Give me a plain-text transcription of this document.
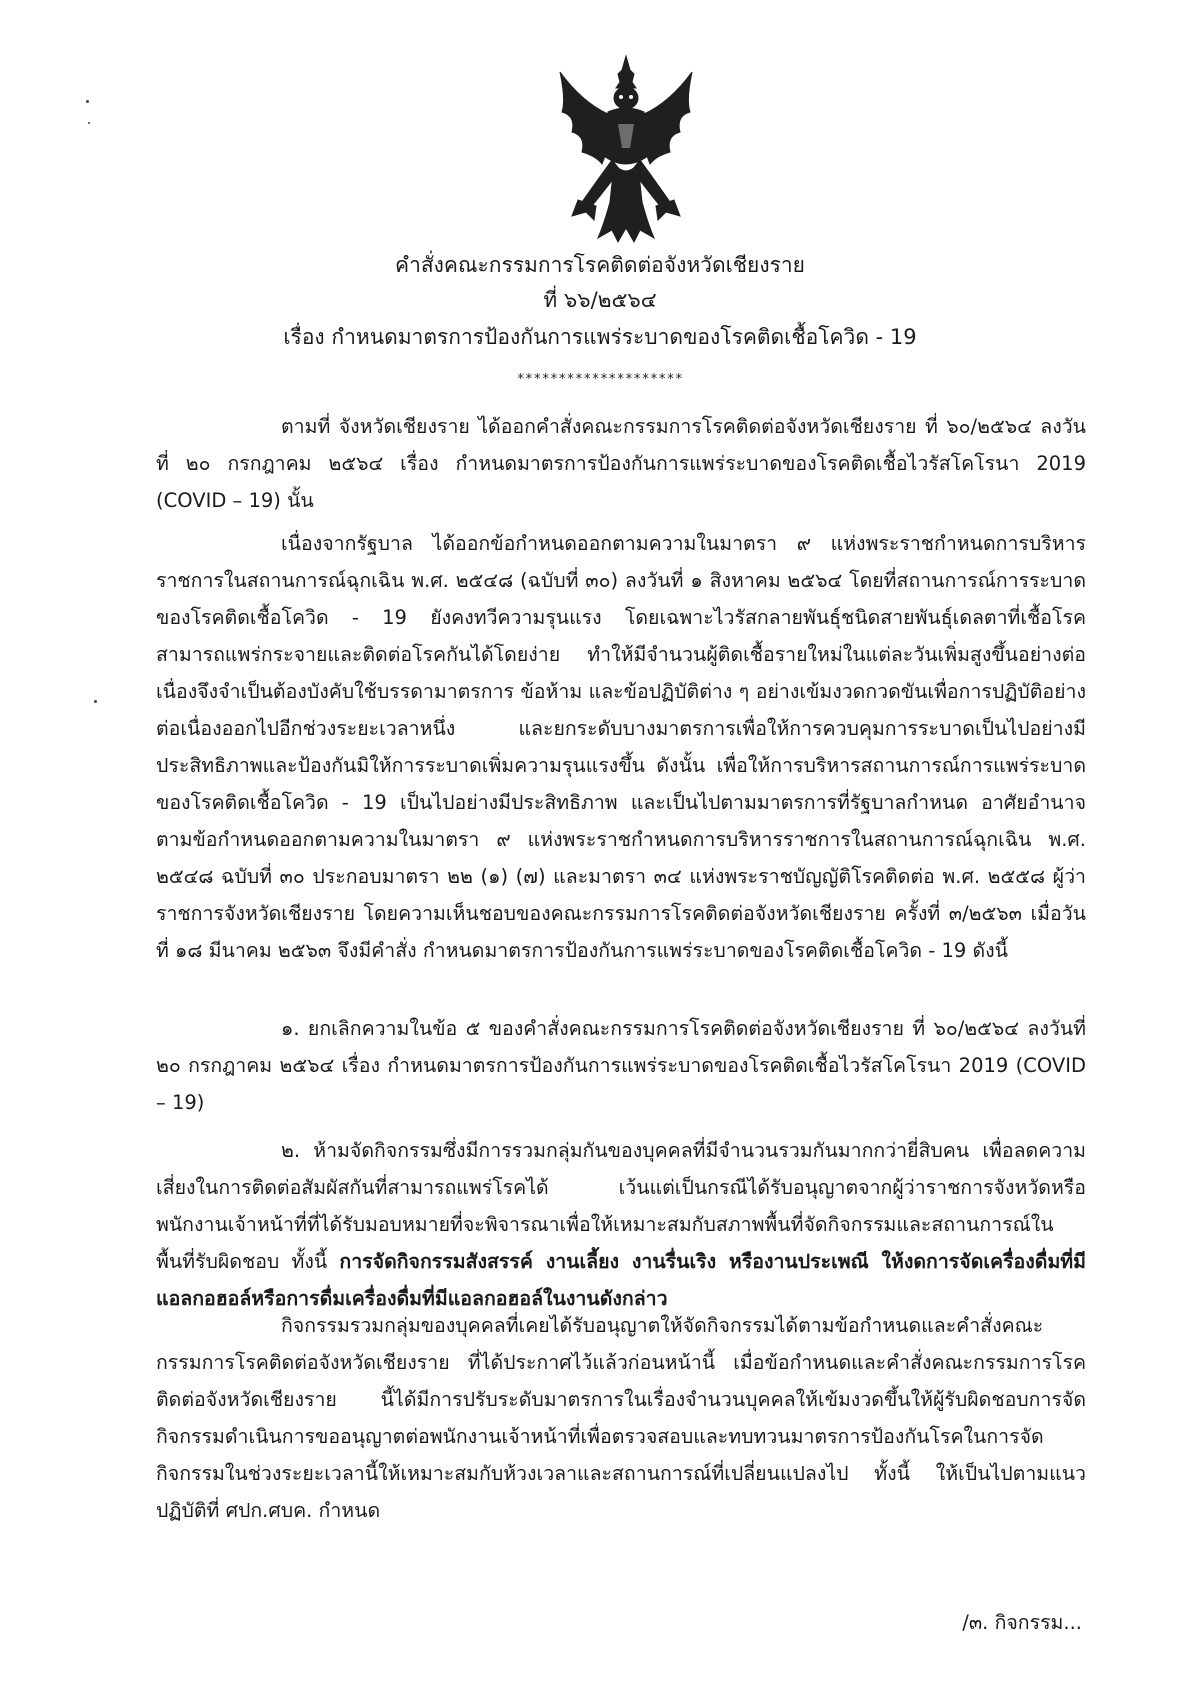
คำสั่งคณะกรรมการโรคติดต่อจังหวัดเชียงราย
ที่ ๖๖/๒๕๖๔
เรื่อง กำหนดมาตรการป้องกันการแพร่ระบาดของโรคติดเชื้อโควิด - 19
********************

ตามที่ จังหวัดเชียงราย ได้ออกคำสั่งคณะกรรมการโรคติดต่อจังหวัดเชียงราย ที่ ๖๐/๒๕๖๔ ลงวันที่ ๒๐ กรกฎาคม ๒๕๖๔ เรื่อง กำหนดมาตรการป้องกันการแพร่ระบาดของโรคติดเชื้อไวรัสโคโรนา 2019 (COVID – 19) นั้น

เนื่องจากรัฐบาล ได้ออกข้อกำหนดออกตามความในมาตรา ๙ แห่งพระราชกำหนดการบริหารราชการในสถานการณ์ฉุกเฉิน พ.ศ. ๒๕๔๘ (ฉบับที่ ๓๐) ลงวันที่ ๑ สิงหาคม ๒๕๖๔ โดยที่สถานการณ์การระบาดของโรคติดเชื้อโควิด - 19 ยังคงทวีความรุนแรง โดยเฉพาะไวรัสกลายพันธุ์ชนิดสายพันธุ์เดลตาที่เชื้อโรคสามารถแพร่กระจายและติดต่อโรคกันได้โดยง่าย ทำให้มีจำนวนผู้ติดเชื้อรายใหม่ในแต่ละวันเพิ่มสูงขึ้นอย่างต่อเนื่องจึงจำเป็นต้องบังคับใช้บรรดามาตรการ ข้อห้าม และข้อปฏิบัติต่าง ๆ อย่างเข้มงวดกวดขันเพื่อการปฏิบัติอย่างต่อเนื่องออกไปอีกช่วงระยะเวลาหนึ่ง และยกระดับบางมาตรการเพื่อให้การควบคุมการระบาดเป็นไปอย่างมีประสิทธิภาพและป้องกันมิให้การระบาดเพิ่มความรุนแรงขึ้น ดังนั้น เพื่อให้การบริหารสถานการณ์การแพร่ระบาดของโรคติดเชื้อโควิด - 19 เป็นไปอย่างมีประสิทธิภาพ และเป็นไปตามมาตรการที่รัฐบาลกำหนด อาศัยอำนาจ ตามข้อกำหนดออกตามความในมาตรา ๙ แห่งพระราชกำหนดการบริหารราชการในสถานการณ์ฉุกเฉิน พ.ศ. ๒๕๔๘ ฉบับที่ ๓๐ ประกอบมาตรา ๒๒ (๑) (๗) และมาตรา ๓๔ แห่งพระราชบัญญัติโรคติดต่อ พ.ศ. ๒๕๕๘ ผู้ว่าราชการจังหวัดเชียงราย โดยความเห็นชอบของคณะกรรมการโรคติดต่อจังหวัดเชียงราย ครั้งที่ ๓/๒๕๖๓ เมื่อวันที่ ๑๘ มีนาคม ๒๕๖๓ จึงมีคำสั่ง กำหนดมาตรการป้องกันการแพร่ระบาดของโรคติดเชื้อโควิด - 19 ดังนี้

๑. ยกเลิกความในข้อ ๕ ของคำสั่งคณะกรรมการโรคติดต่อจังหวัดเชียงราย ที่ ๖๐/๒๕๖๔ ลงวันที่ ๒๐ กรกฎาคม ๒๕๖๔ เรื่อง กำหนดมาตรการป้องกันการแพร่ระบาดของโรคติดเชื้อไวรัสโคโรนา 2019 (COVID – 19)

๒. ห้ามจัดกิจกรรมซึ่งมีการรวมกลุ่มกันของบุคคลที่มีจำนวนรวมกันมากกว่ายี่สิบคน เพื่อลดความเสี่ยงในการติดต่อสัมผัสกันที่สามารถแพร่โรคได้ เว้นแต่เป็นกรณีได้รับอนุญาตจากผู้ว่าราชการจังหวัดหรือพนักงานเจ้าหน้าที่ที่ได้รับมอบหมายที่จะพิจารณาเพื่อให้เหมาะสมกับสภาพพื้นที่จัดกิจกรรมและสถานการณ์ในพื้นที่รับผิดชอบ ทั้งนี้ การจัดกิจกรรมสังสรรค์ งานเลี้ยง งานรื่นเริง หรืองานประเพณี ให้งดการจัดเครื่องดื่มที่มีแอลกอฮอล์หรือการดื่มเครื่องดื่มที่มีแอลกอฮอล์ในงานดังกล่าว

กิจกรรมรวมกลุ่มของบุคคลที่เคยได้รับอนุญาตให้จัดกิจกรรมได้ตามข้อกำหนดและคำสั่งคณะกรรมการโรคติดต่อจังหวัดเชียงราย ที่ได้ประกาศไว้แล้วก่อนหน้านี้ เมื่อข้อกำหนดและคำสั่งคณะกรรมการโรคติดต่อจังหวัดเชียงราย นี้ได้มีการปรับระดับมาตรการในเรื่องจำนวนบุคคลให้เข้มงวดขึ้นให้ผู้รับผิดชอบการจัดกิจกรรมดำเนินการขออนุญาตต่อพนักงานเจ้าหน้าที่เพื่อตรวจสอบและทบทวนมาตรการป้องกันโรคในการจัดกิจกรรมในช่วงระยะเวลานี้ให้เหมาะสมกับห้วงเวลาและสถานการณ์ที่เปลี่ยนแปลงไป ทั้งนี้ ให้เป็นไปตามแนวปฏิบัติที่ ศปก.ศบค. กำหนด

/๓. กิจกรรม...
